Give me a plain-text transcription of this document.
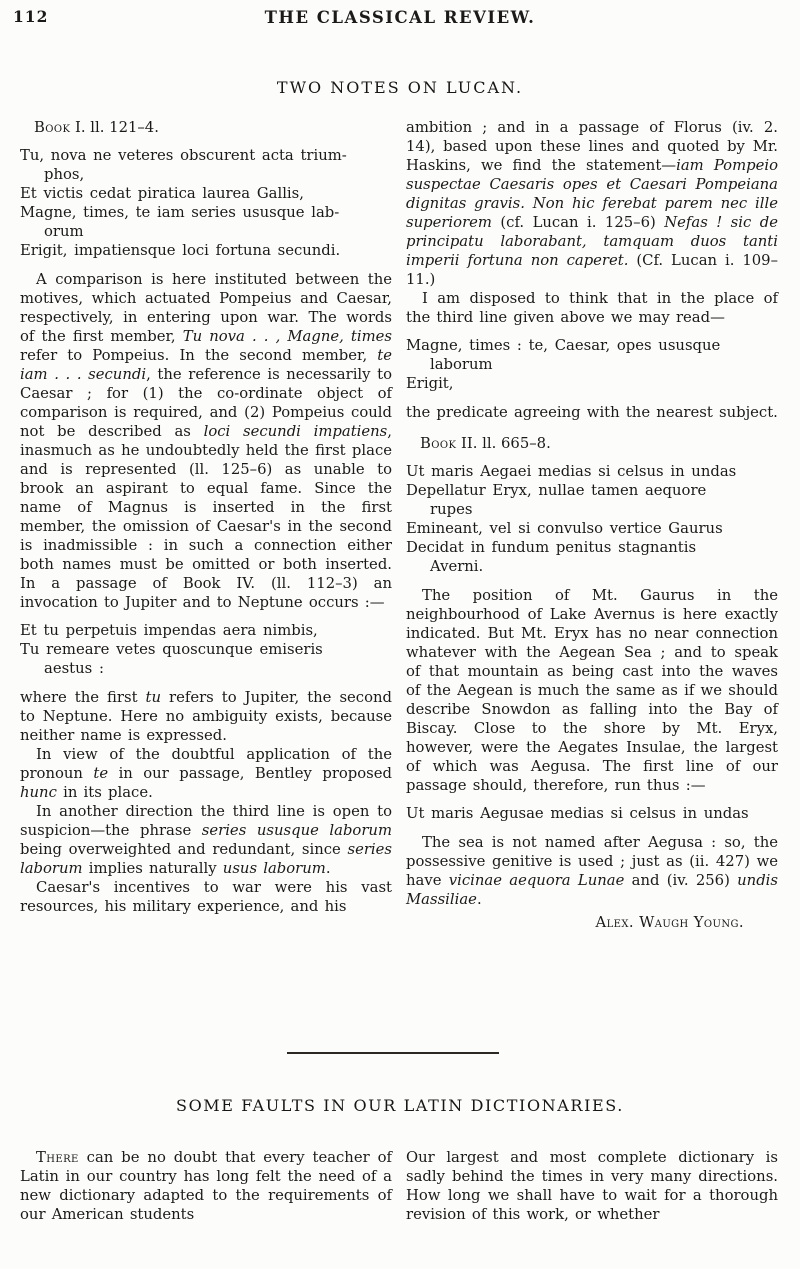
112	THE CLASSICAL REVIEW.
TWO NOTES ON LUCAN.
Book I. ll. 121–4.
Tu, nova ne veteres obscurent acta trium-
phos,
Et victis cedat piratica laurea Gallis,
Magne, times, te iam series ususque lab-
orum
Erigit, impatiensque loci fortuna secundi.

A comparison is here instituted between the motives, which actuated Pompeius and Caesar, respectively, in entering upon war. The words of the first member, Tu nova . . , Magne, times refer to Pompeius. In the second member, te iam . . . secundi, the reference is necessarily to Caesar ; for (1) the co-ordinate object of comparison is required, and (2) Pompeius could not be described as loci secundi impatiens, inasmuch as he undoubtedly held the first place and is represented (ll. 125–6) as unable to brook an aspirant to equal fame. Since the name of Magnus is inserted in the first member, the omission of Caesar's in the second is inadmissible : in such a connection either both names must be omitted or both inserted. In a passage of Book IV. (ll. 112–3) an invocation to Jupiter and to Neptune occurs :—

Et tu perpetuis impendas aera nimbis,
Tu remeare vetes quoscunque emiseris
aestus :

where the first tu refers to Jupiter, the second to Neptune. Here no ambiguity exists, because neither name is expressed.

In view of the doubtful application of the pronoun te in our passage, Bentley proposed hunc in its place.

In another direction the third line is open to suspicion—the phrase series ususque laborum being overweighted and redundant, since series laborum implies naturally usus laborum.

Caesar's incentives to war were his vast resources, his military experience, and his

ambition ; and in a passage of Florus (iv. 2. 14), based upon these lines and quoted by Mr. Haskins, we find the statement—iam Pompeio suspectae Caesaris opes et Caesari Pompeiana dignitas gravis. Non hic ferebat parem nec ille superiorem (cf. Lucan i. 125–6) Nefas ! sic de principatu laborabant, tamquam duos tanti imperii fortuna non caperet. (Cf. Lucan i. 109–11.)

I am disposed to think that in the place of the third line given above we may read—

Magne, times : te, Caesar, opes ususque
laborum
Erigit,

the predicate agreeing with the nearest subject.

Book II. ll. 665–8.
Ut maris Aegaei medias si celsus in undas
Depellatur Eryx, nullae tamen aequore
rupes
Emineant, vel si convulso vertice Gaurus
Decidat in fundum penitus stagnantis
Averni.

The position of Mt. Gaurus in the neighbourhood of Lake Avernus is here exactly indicated. But Mt. Eryx has no near connection whatever with the Aegean Sea ; and to speak of that mountain as being cast into the waves of the Aegean is much the same as if we should describe Snowdon as falling into the Bay of Biscay. Close to the shore by Mt. Eryx, however, were the Aegates Insulae, the largest of which was Aegusa. The first line of our passage should, therefore, run thus :—

Ut maris Aegusae medias si celsus in undas

The sea is not named after Aegusa : so, the possessive genitive is used ; just as (ii. 427) we have vicinae aequora Lunae and (iv. 256) undis Massiliae.

Alex. Waugh Young.
SOME FAULTS IN OUR LATIN DICTIONARIES.

There can be no doubt that every teacher of Latin in our country has long felt the need of a new dictionary adapted to the requirements of our American students

Our largest and most complete dictionary is sadly behind the times in very many directions. How long we shall have to wait for a thorough revision of this work, or whether
